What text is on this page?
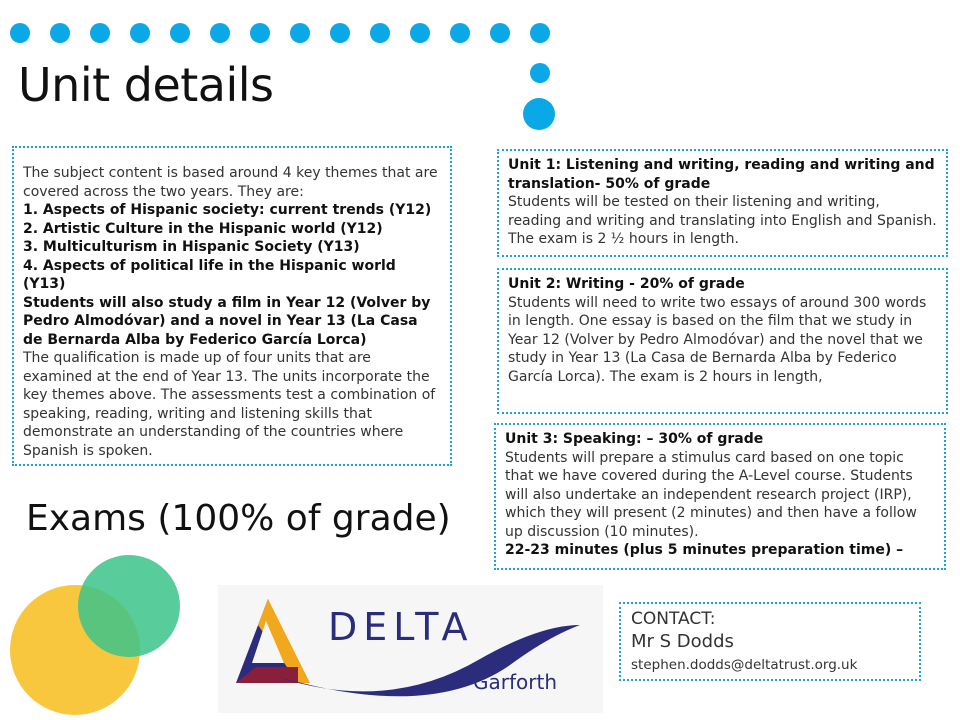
Unit details

The subject content is based around 4 key themes that are covered across the two years. They are:

1. Aspects of Hispanic society: current trends (Y12)

2. Artistic Culture in the Hispanic world (Y12)

3. Multiculturism in Hispanic Society (Y13)

4. Aspects of political life in the Hispanic world (Y13)

Students will also study a film in Year 12 (Volver by Pedro Almodóvar) and a novel in Year 13 (La Casa de Bernarda Alba by Federico García Lorca)

The qualification is made up of four units that are examined at the end of Year 13. The units incorporate the key themes above. The assessments test a combination of speaking, reading, writing and listening skills that demonstrate an understanding of the countries where Spanish is spoken.

Exams (100% of grade)

Unit 1: Listening and writing, reading and writing and translation- 50% of grade

Students will be tested on their listening and writing, reading and writing and translating into English and Spanish. The exam is 2 ½ hours in length.

Unit 2: Writing - 20% of grade

Students will need to write two essays of around 300 words in length. One essay is based on the film that we study in Year 12 (Volver by Pedro Almodóvar) and the novel that we study in Year 13 (La Casa de Bernarda Alba by Federico García Lorca). The exam is 2 hours in length,

Unit 3: Speaking: – 30% of grade

Students will prepare a stimulus card based on one topic that we have covered during the A-Level course. Students will also undertake an independent research project (IRP), which they will present (2 minutes) and then have a follow up discussion (10 minutes).

22-23 minutes (plus 5 minutes preparation time) –

DELTA
Garforth
CONTACT:
Mr S Dodds
stephen.dodds@deltatrust.org.uk
